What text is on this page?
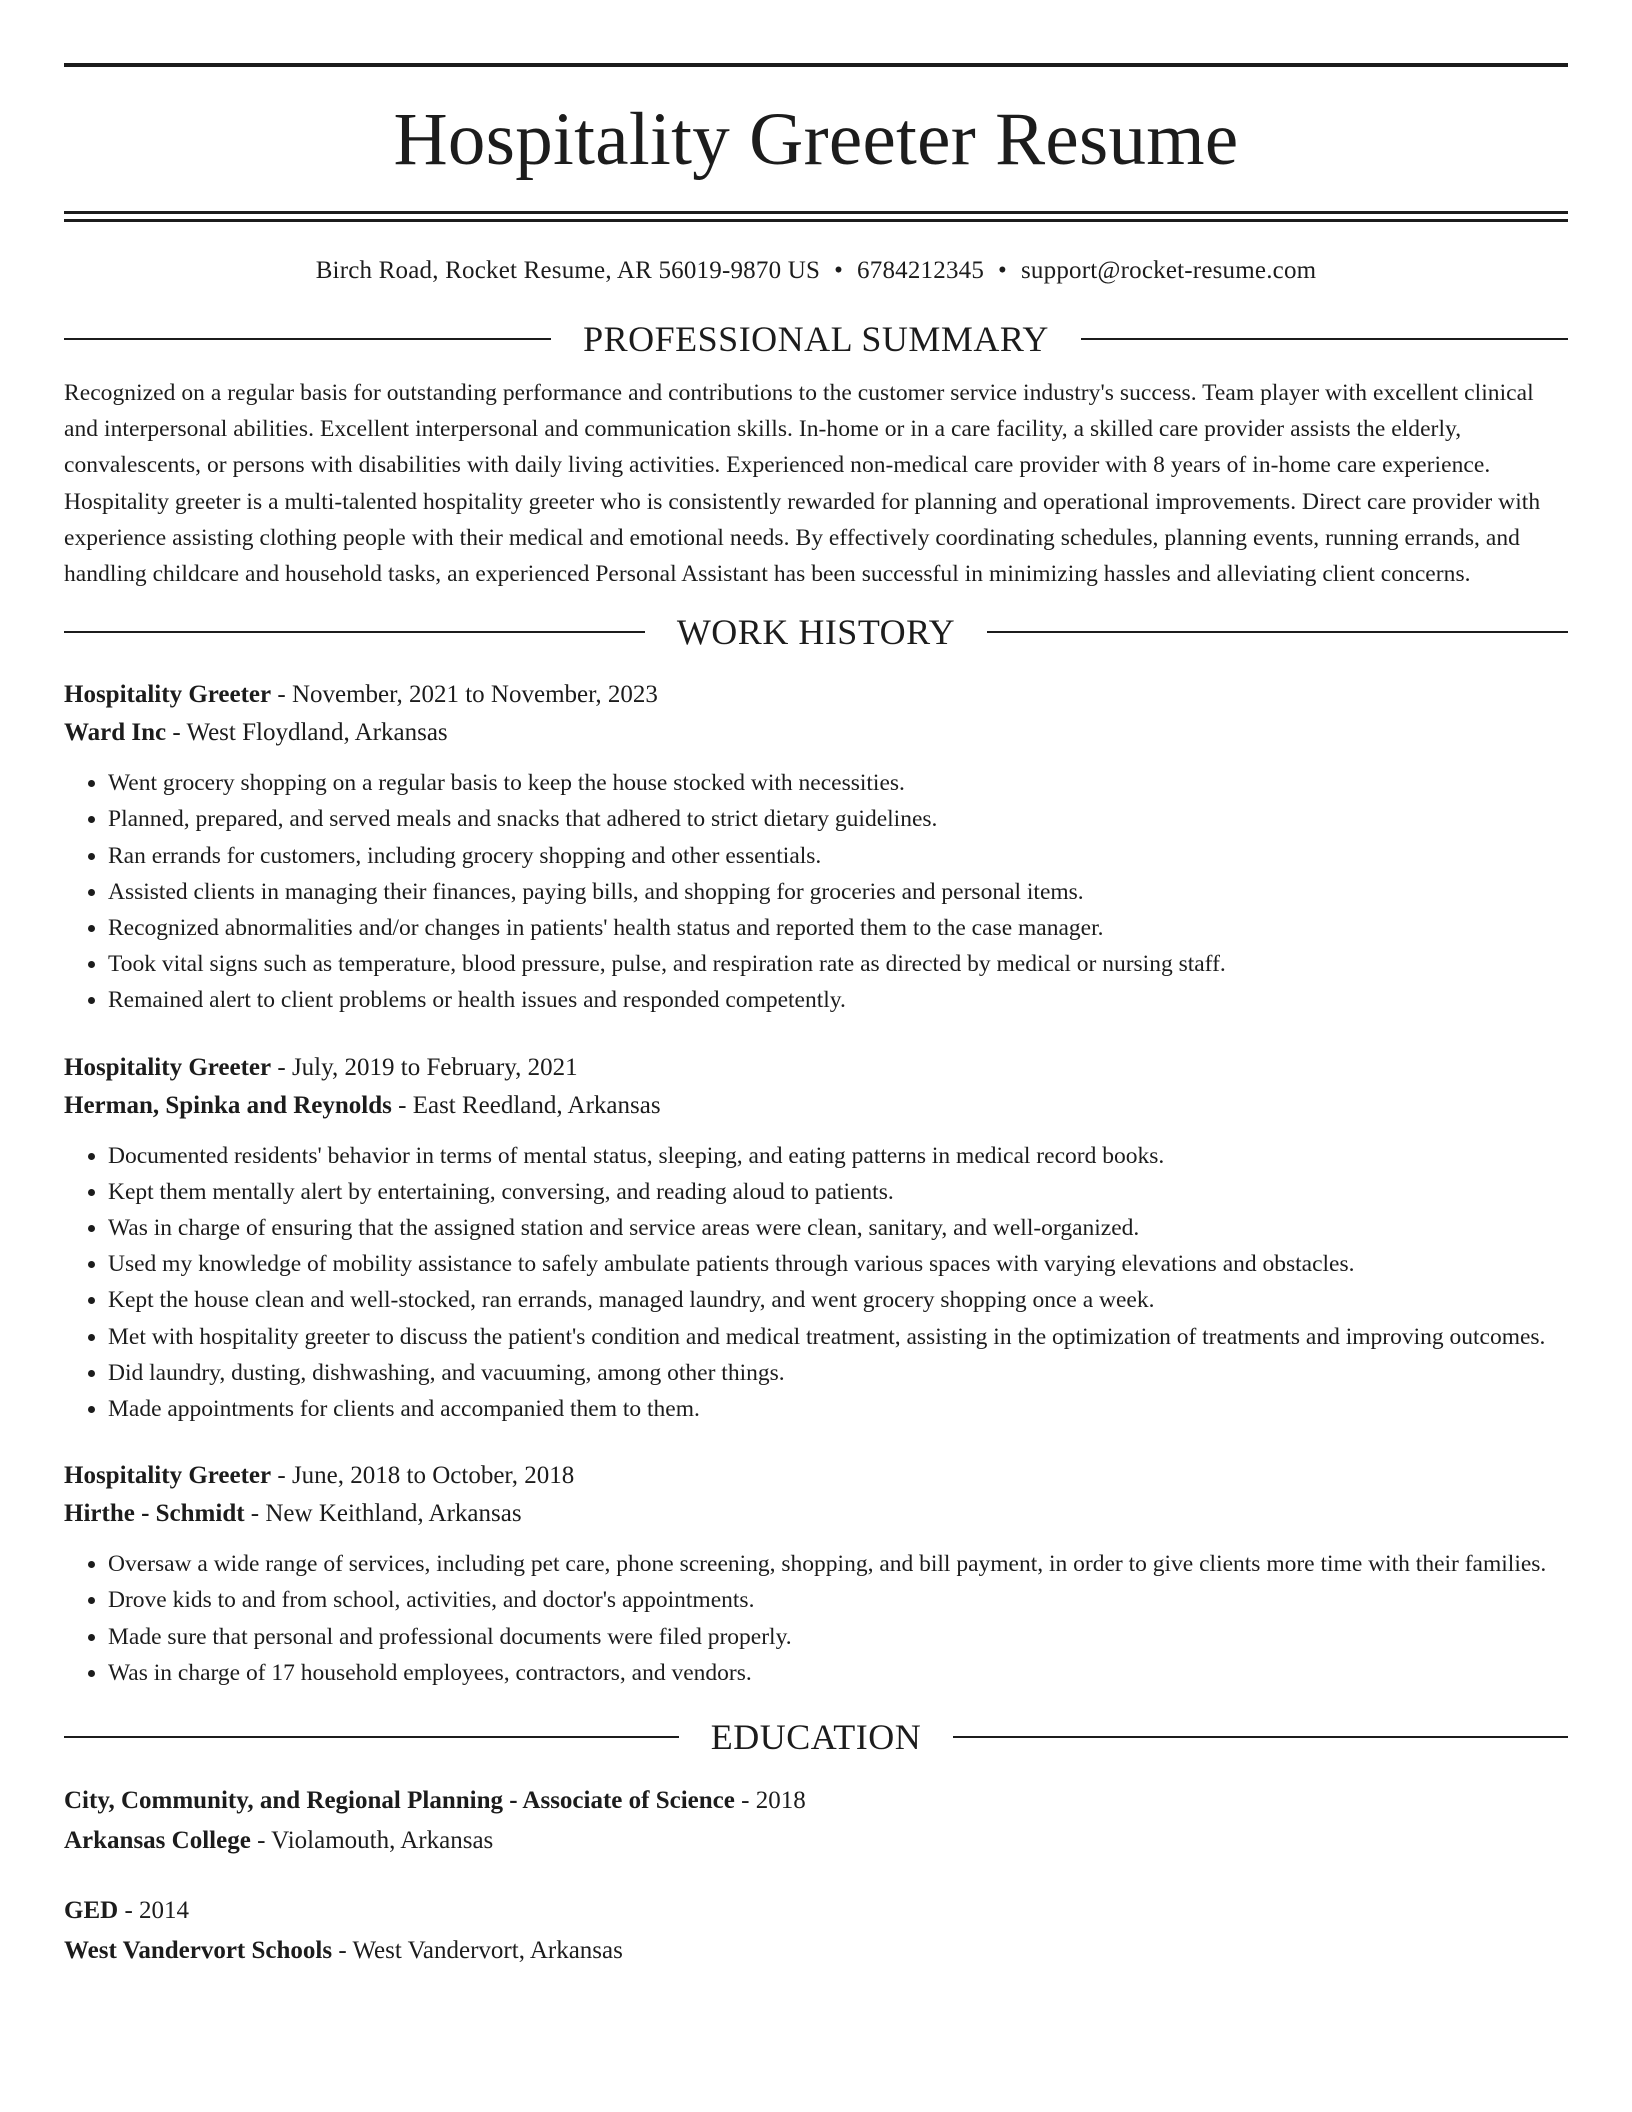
Hospitality Greeter Resume
Birch Road, Rocket Resume, AR 56019-9870 US • 6784212345 • support@rocket-resume.com
PROFESSIONAL SUMMARY
Recognized on a regular basis for outstanding performance and contributions to the customer service industry's success. Team player with excellent clinical and interpersonal abilities. Excellent interpersonal and communication skills. In-home or in a care facility, a skilled care provider assists the elderly, convalescents, or persons with disabilities with daily living activities. Experienced non-medical care provider with 8 years of in-home care experience. Hospitality greeter is a multi-talented hospitality greeter who is consistently rewarded for planning and operational improvements. Direct care provider with experience assisting clothing people with their medical and emotional needs. By effectively coordinating schedules, planning events, running errands, and handling childcare and household tasks, an experienced Personal Assistant has been successful in minimizing hassles and alleviating client concerns.
WORK HISTORY
Hospitality Greeter - November, 2021 to November, 2023
Ward Inc - West Floydland, Arkansas
• Went grocery shopping on a regular basis to keep the house stocked with necessities.
• Planned, prepared, and served meals and snacks that adhered to strict dietary guidelines.
• Ran errands for customers, including grocery shopping and other essentials.
• Assisted clients in managing their finances, paying bills, and shopping for groceries and personal items.
• Recognized abnormalities and/or changes in patients' health status and reported them to the case manager.
• Took vital signs such as temperature, blood pressure, pulse, and respiration rate as directed by medical or nursing staff.
• Remained alert to client problems or health issues and responded competently.
Hospitality Greeter - July, 2019 to February, 2021
Herman, Spinka and Reynolds - East Reedland, Arkansas
• Documented residents' behavior in terms of mental status, sleeping, and eating patterns in medical record books.
• Kept them mentally alert by entertaining, conversing, and reading aloud to patients.
• Was in charge of ensuring that the assigned station and service areas were clean, sanitary, and well-organized.
• Used my knowledge of mobility assistance to safely ambulate patients through various spaces with varying elevations and obstacles.
• Kept the house clean and well-stocked, ran errands, managed laundry, and went grocery shopping once a week.
• Met with hospitality greeter to discuss the patient's condition and medical treatment, assisting in the optimization of treatments and improving outcomes.
• Did laundry, dusting, dishwashing, and vacuuming, among other things.
• Made appointments for clients and accompanied them to them.
Hospitality Greeter - June, 2018 to October, 2018
Hirthe - Schmidt - New Keithland, Arkansas
• Oversaw a wide range of services, including pet care, phone screening, shopping, and bill payment, in order to give clients more time with their families.
• Drove kids to and from school, activities, and doctor's appointments.
• Made sure that personal and professional documents were filed properly.
• Was in charge of 17 household employees, contractors, and vendors.
EDUCATION
City, Community, and Regional Planning - Associate of Science - 2018
Arkansas College - Violamouth, Arkansas
GED - 2014
West Vandervort Schools - West Vandervort, Arkansas
